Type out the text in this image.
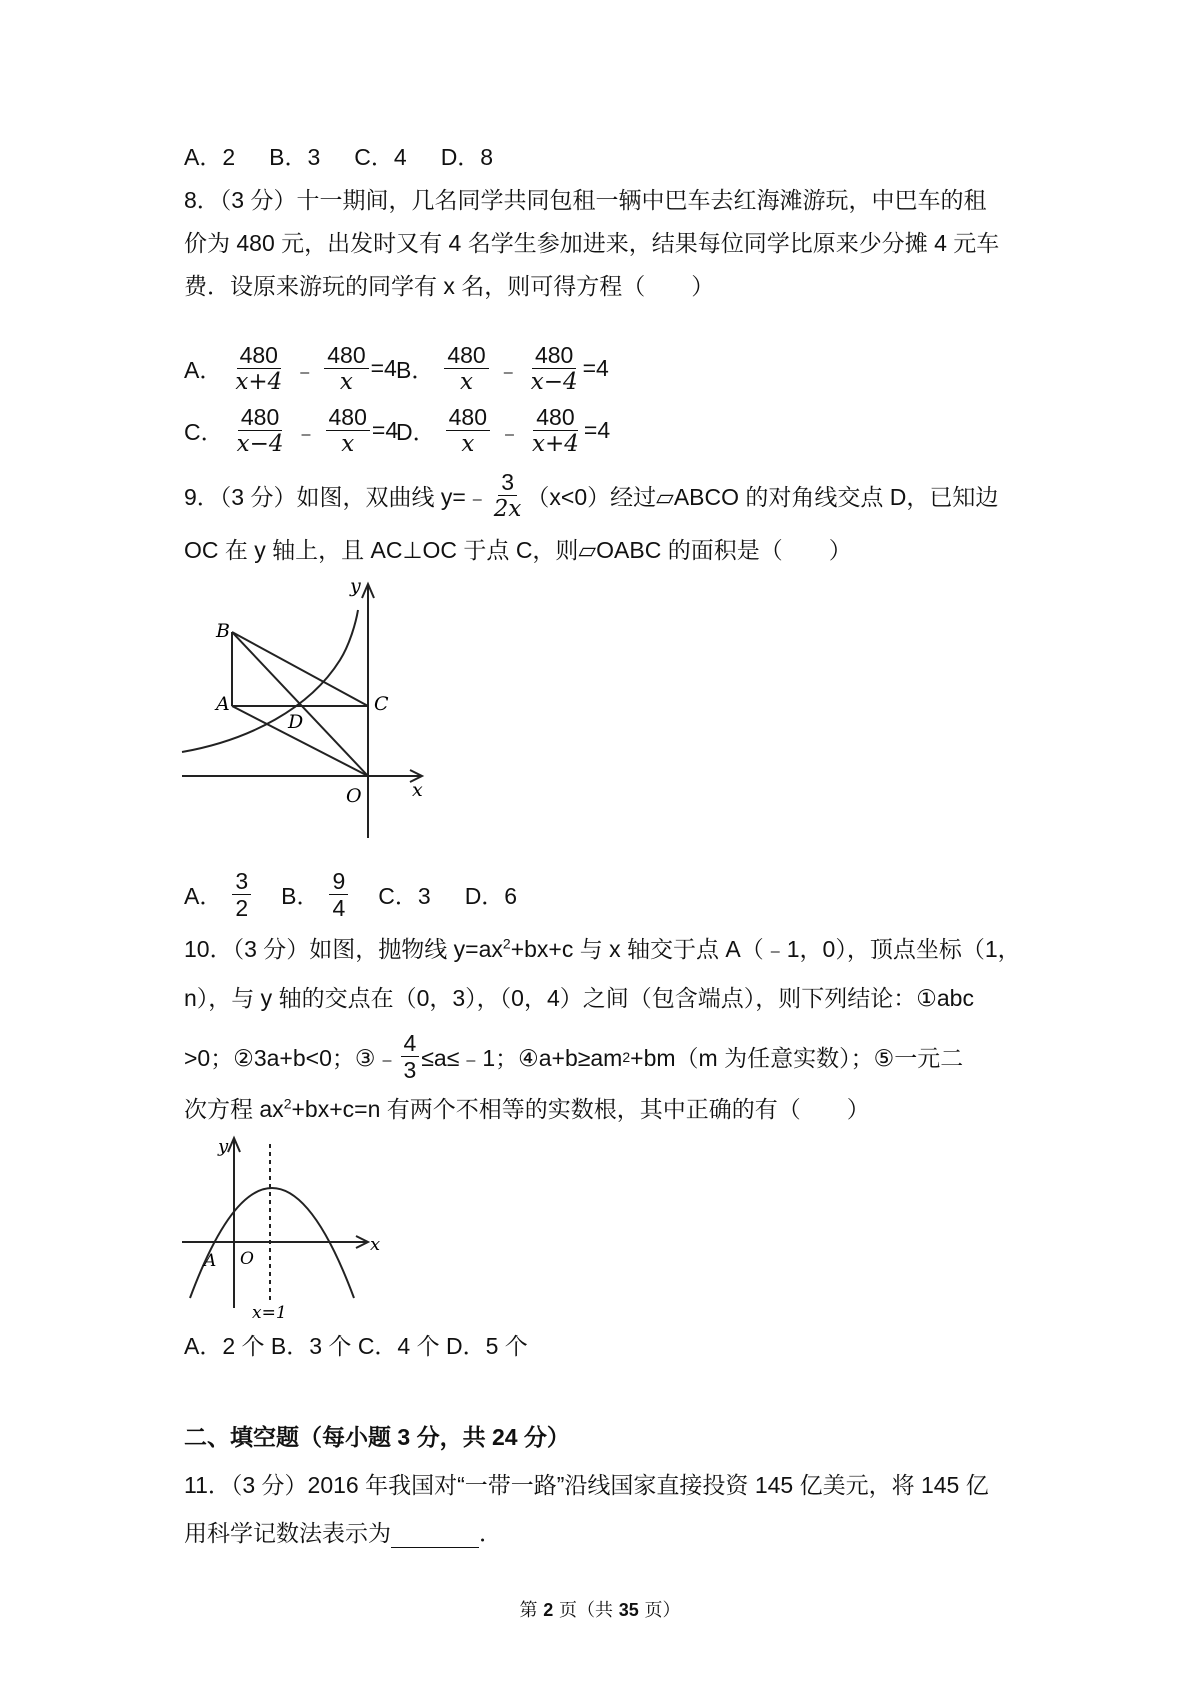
A．2 B．3 C．4 D．8
8．（3 分）十一期间，几名同学共同包租一辆中巴车去红海滩游玩，中巴车的租
价为 480 元，出发时又有 4 名学生参加进来，结果每位同学比原来少分摊 4 元车
费．设原来游玩的同学有 x 名，则可得方程（　　）
A． $\frac{480}{x+4}$ ﹣ $\frac{480}{x} =4$ B． $\frac{480}{x}$ ﹣ $\frac{480}{x-4} =4$
C． $\frac{480}{x-4}$ ﹣ $\frac{480}{x} =4$
D． $\frac{480}{x}$ ﹣ $\frac{480}{x+4} =4$
9．（3 分）如图，双曲线 y=﹣ $\frac{3}{2x} (x<0)$经过▱ABCO 的对角线交点 D，已知边
OC 在 y 轴上，且 AC⊥OC 于点 C，则▱OABC 的面积是（　　）
B
A
D
C
O
y
x
A． $\frac{3}{2}$ B． $\frac{9}{4}$ C．3 D．6
10．（3 分）如图，抛物线 $y=ax^2+bx+c$ 与 x 轴交于点 A（﹣1，0），顶点坐标（1，
n），与 y 轴的交点在（0，3），（0，4）之间（包含端点），则下列结论：①abc
>0；②3a+b<0；③﹣ $\frac{4}{3}$ ≤a≤﹣1；④a+b≥am 2 +bm（m 为任意实数）；⑤一元二
次方程 $ax^2+bx+c=n$ 有两个不相等的实数根，其中正确的有（　　）
y
x
A O
x=1
A．2 个 B．3 个 C．4 个 D．5 个
二、填空题（每小题 3 分，共 24 分）
11．（3 分）2016 年我国对“一带一路”沿线国家直接投资 145 亿美元，将 145 亿
用科学记数法表示为	．
第 2 页（共 35 页）
